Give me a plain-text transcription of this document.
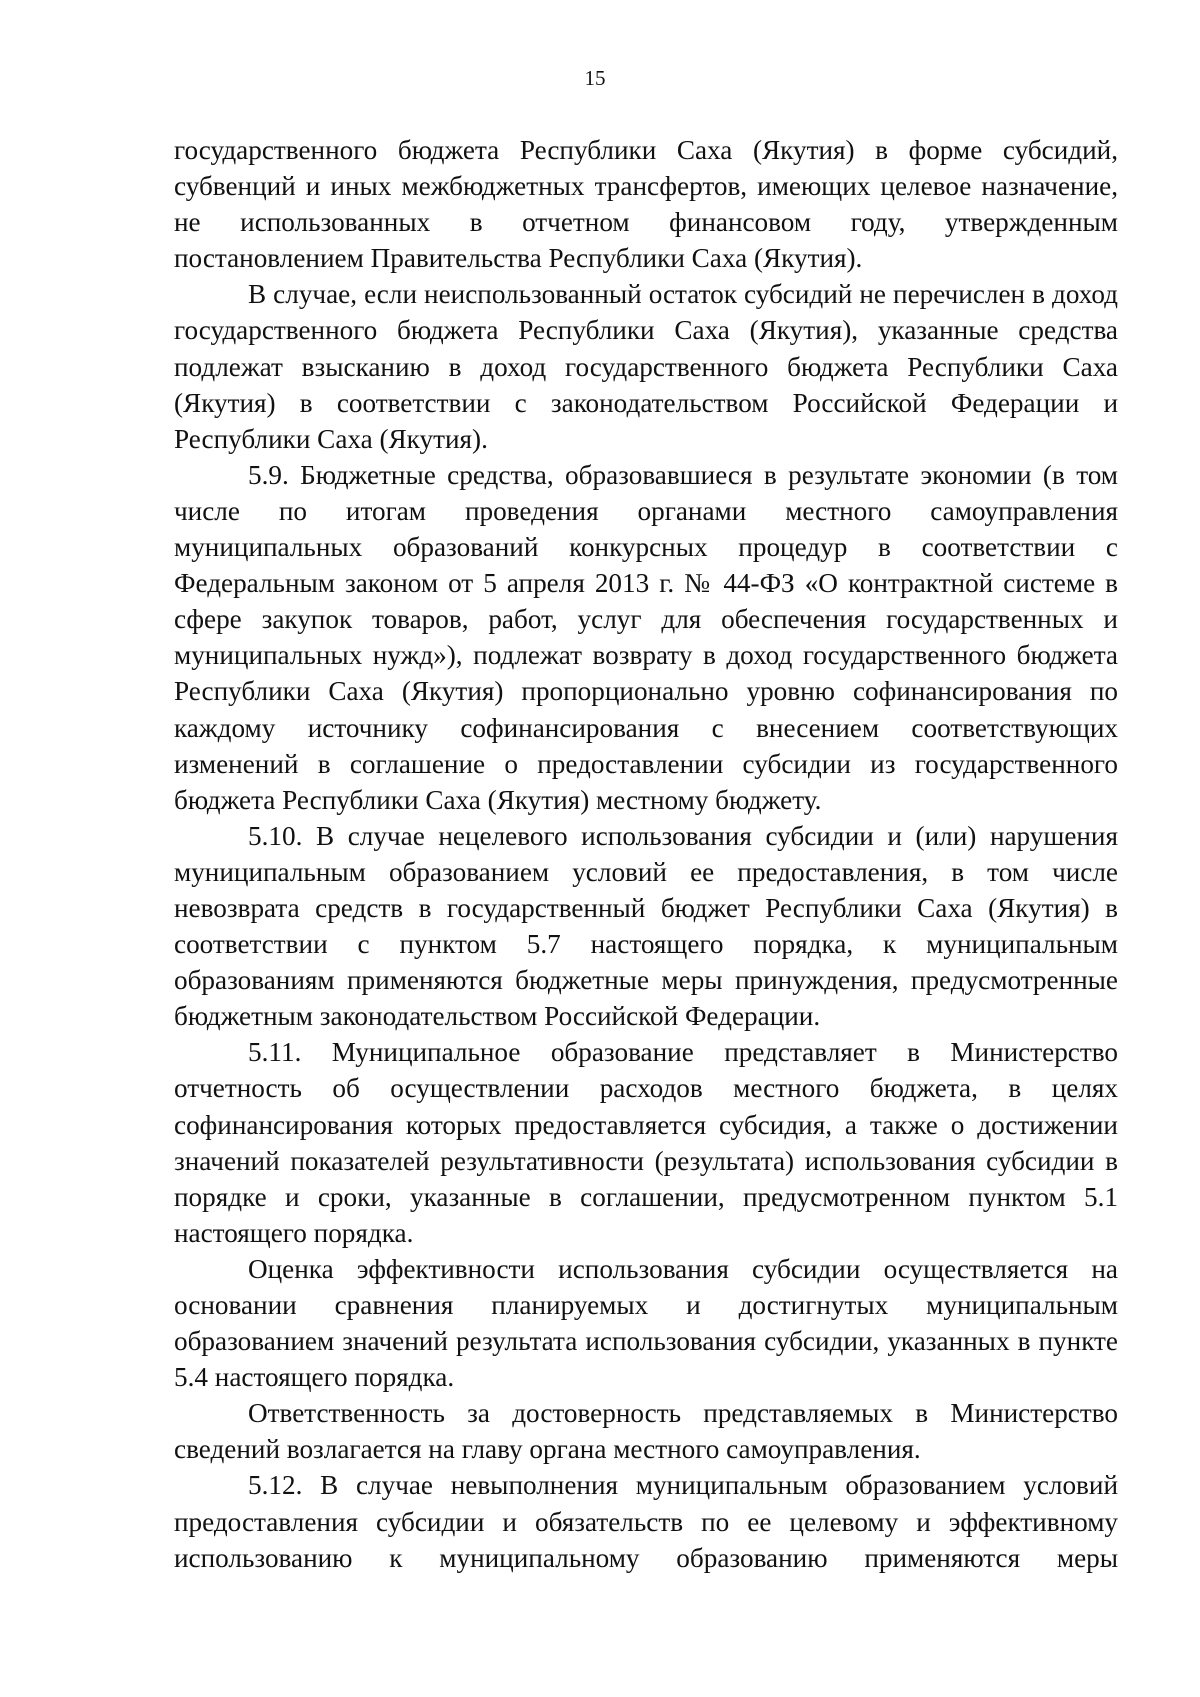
15

государственного бюджета Республики Саха (Якутия) в форме субсидий, субвенций и иных межбюджетных трансфертов, имеющих целевое назначение, не использованных в отчетном финансовом году, утвержденным постановлением Правительства Республики Саха (Якутия).

В случае, если неиспользованный остаток субсидий не перечислен в доход государственного бюджета Республики Саха (Якутия), указанные средства подлежат взысканию в доход государственного бюджета Республики Саха (Якутия) в соответствии с законодательством Российской Федерации и Республики Саха (Якутия).

5.9. Бюджетные средства, образовавшиеся в результате экономии (в том числе по итогам проведения органами местного самоуправления муниципальных образований конкурсных процедур в соответствии с Федеральным законом от 5 апреля 2013 г. № 44-ФЗ «О контрактной системе в сфере закупок товаров, работ, услуг для обеспечения государственных и муниципальных нужд»), подлежат возврату в доход государственного бюджета Республики Саха (Якутия) пропорционально уровню софинансирования по каждому источнику софинансирования с внесением соответствующих изменений в соглашение о предоставлении субсидии из государственного бюджета Республики Саха (Якутия) местному бюджету.

5.10. В случае нецелевого использования субсидии и (или) нарушения муниципальным образованием условий ее предоставления, в том числе невозврата средств в государственный бюджет Республики Саха (Якутия) в соответствии с пунктом 5.7 настоящего порядка, к муниципальным образованиям применяются бюджетные меры принуждения, предусмотренные бюджетным законодательством Российской Федерации.

5.11. Муниципальное образование представляет в Министерство отчетность об осуществлении расходов местного бюджета, в целях софинансирования которых предоставляется субсидия, а также о достижении значений показателей результативности (результата) использования субсидии в порядке и сроки, указанные в соглашении, предусмотренном пунктом 5.1 настоящего порядка.

Оценка эффективности использования субсидии осуществляется на основании сравнения планируемых и достигнутых муниципальным образованием значений результата использования субсидии, указанных в пункте 5.4 настоящего порядка.

Ответственность за достоверность представляемых в Министерство сведений возлагается на главу органа местного самоуправления.

5.12. В случае невыполнения муниципальным образованием условий предоставления субсидии и обязательств по ее целевому и эффективному использованию к муниципальному образованию применяются меры
